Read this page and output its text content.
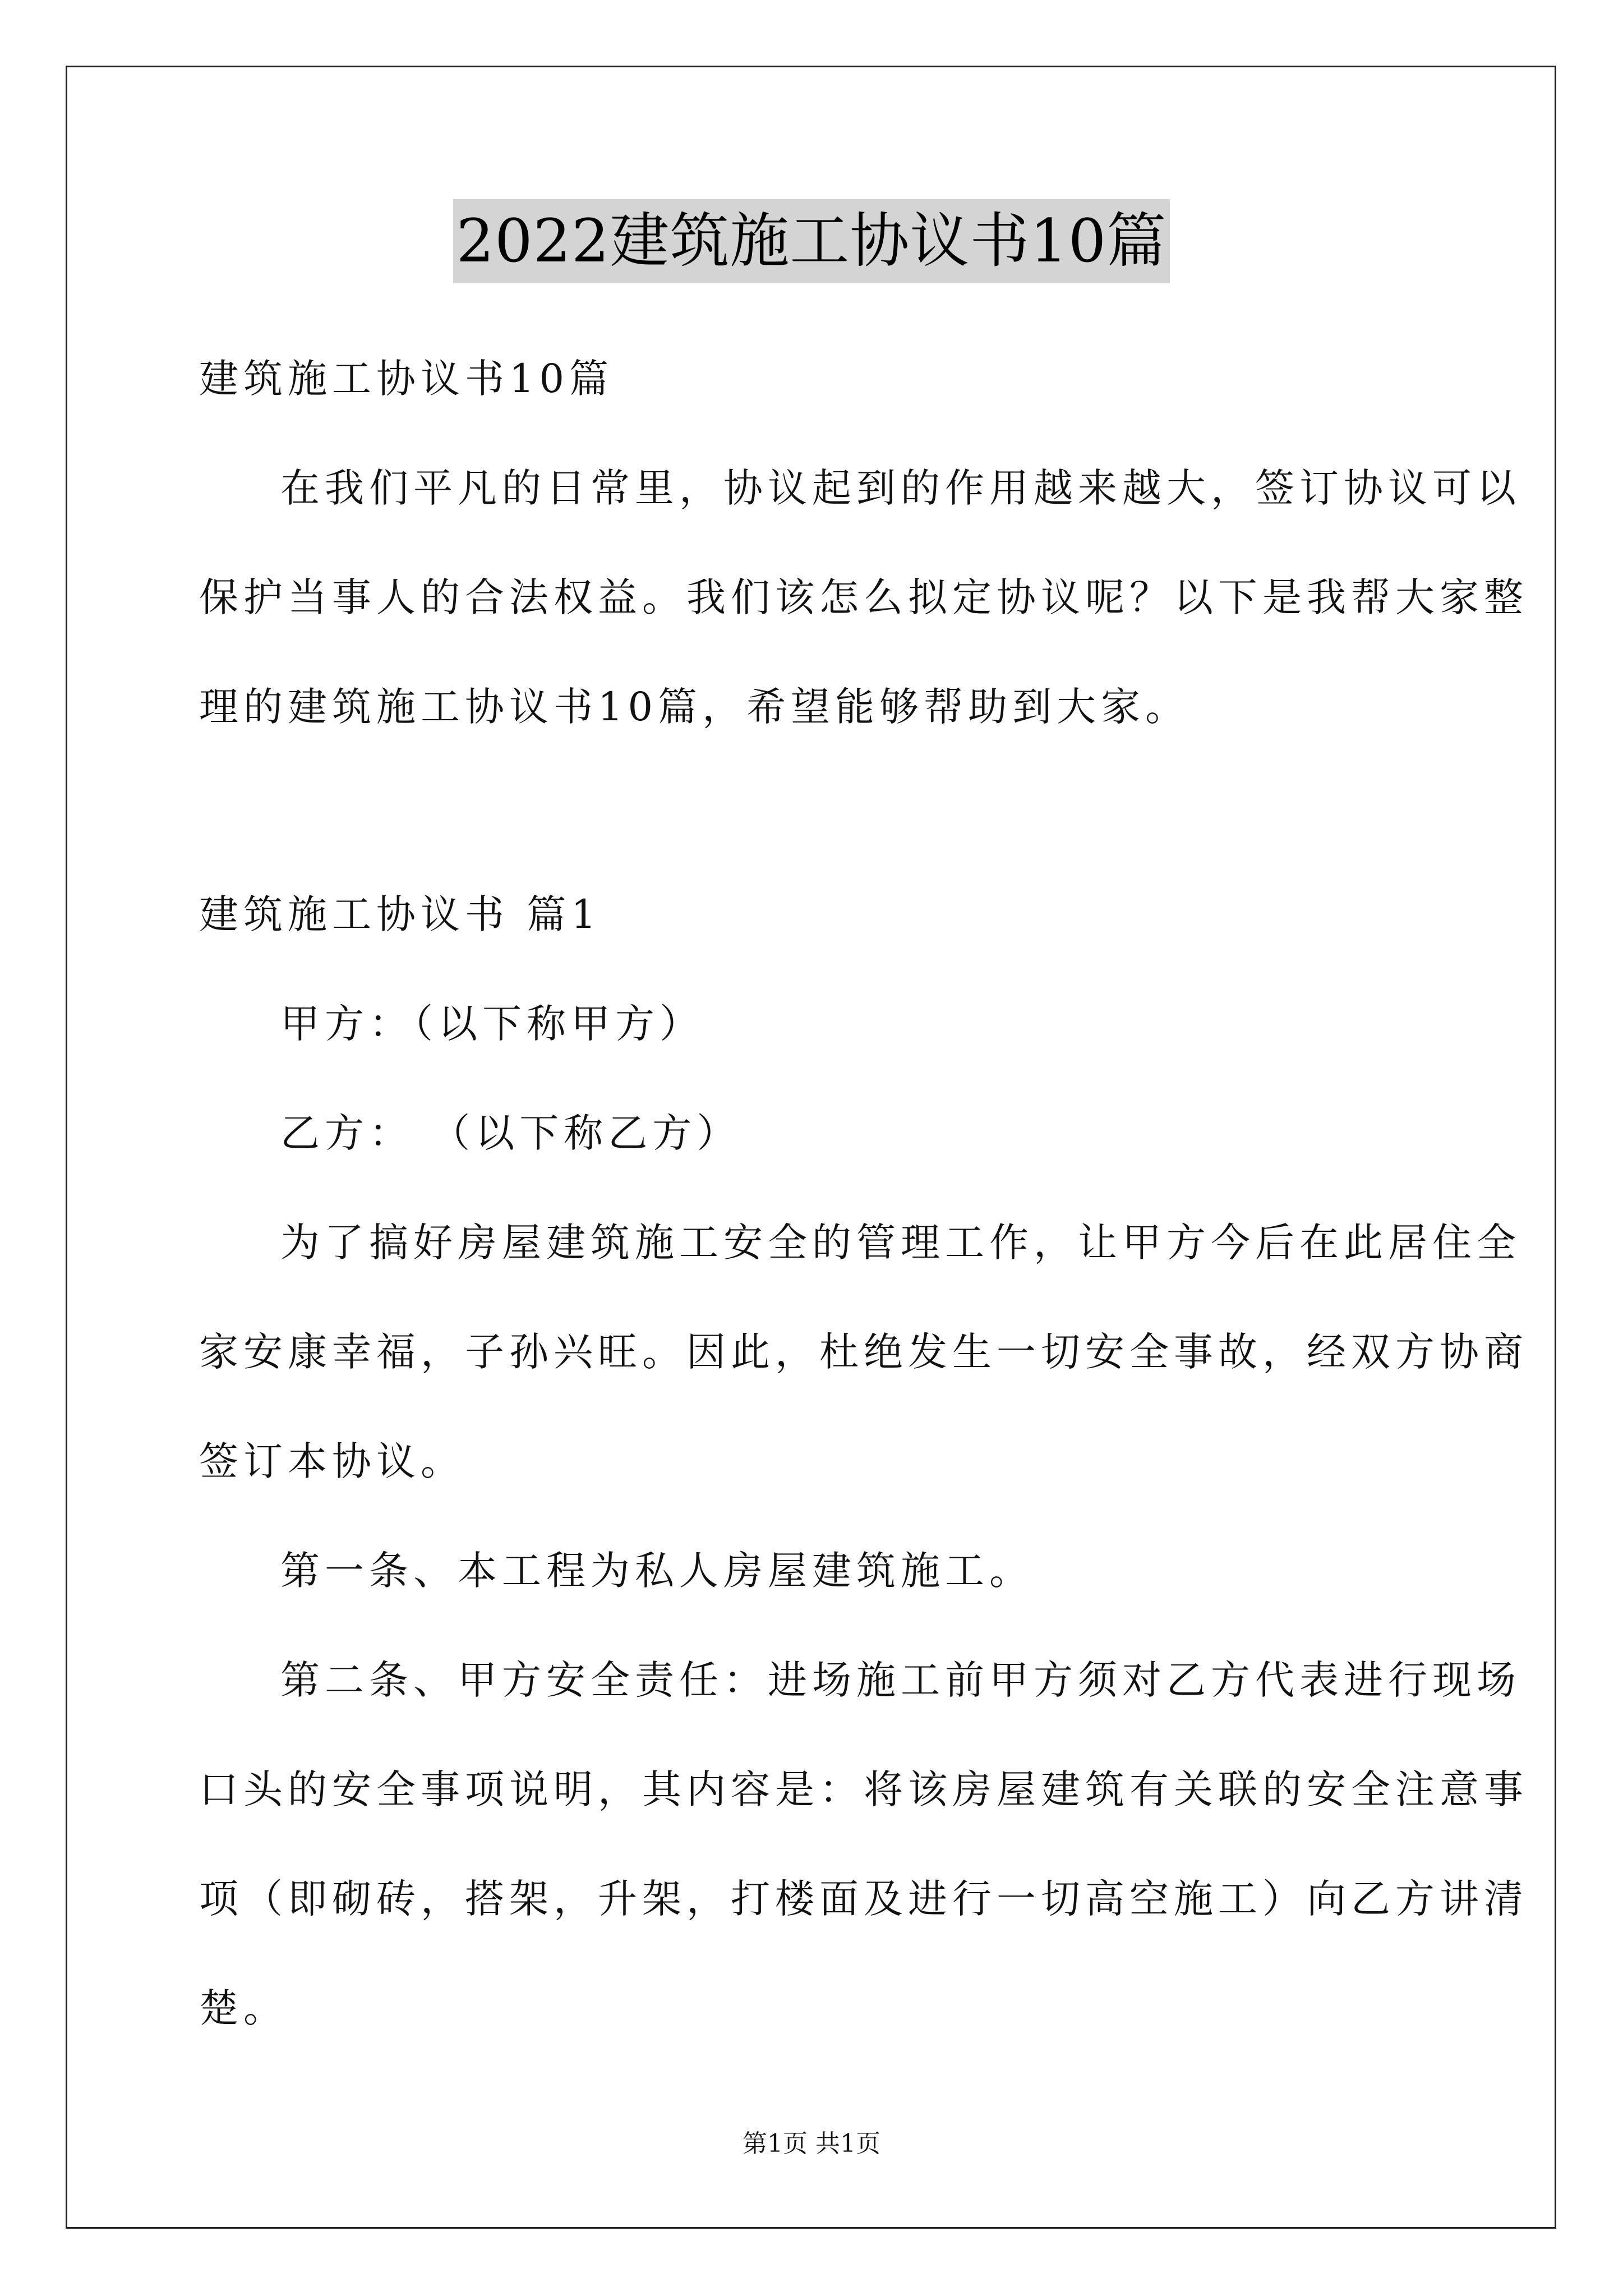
2022建筑施工协议书10篇
建筑施工协议书10篇
在我们平凡的日常里，协议起到的作用越来越大，签订协议可以
保护当事人的合法权益。我们该怎么拟定协议呢？以下是我帮大家整
理的建筑施工协议书10篇，希望能够帮助到大家。
建筑施工协议书 篇1
甲方：（以下称甲方）
乙方： （以下称乙方）
为了搞好房屋建筑施工安全的管理工作，让甲方今后在此居住全
家安康幸福，子孙兴旺。因此，杜绝发生一切安全事故，经双方协商
签订本协议。
第一条、本工程为私人房屋建筑施工。
第二条、甲方安全责任：进场施工前甲方须对乙方代表进行现场
口头的安全事项说明，其内容是：将该房屋建筑有关联的安全注意事
项（即砌砖，搭架，升架，打楼面及进行一切高空施工）向乙方讲清
楚。
第1页 共1页
